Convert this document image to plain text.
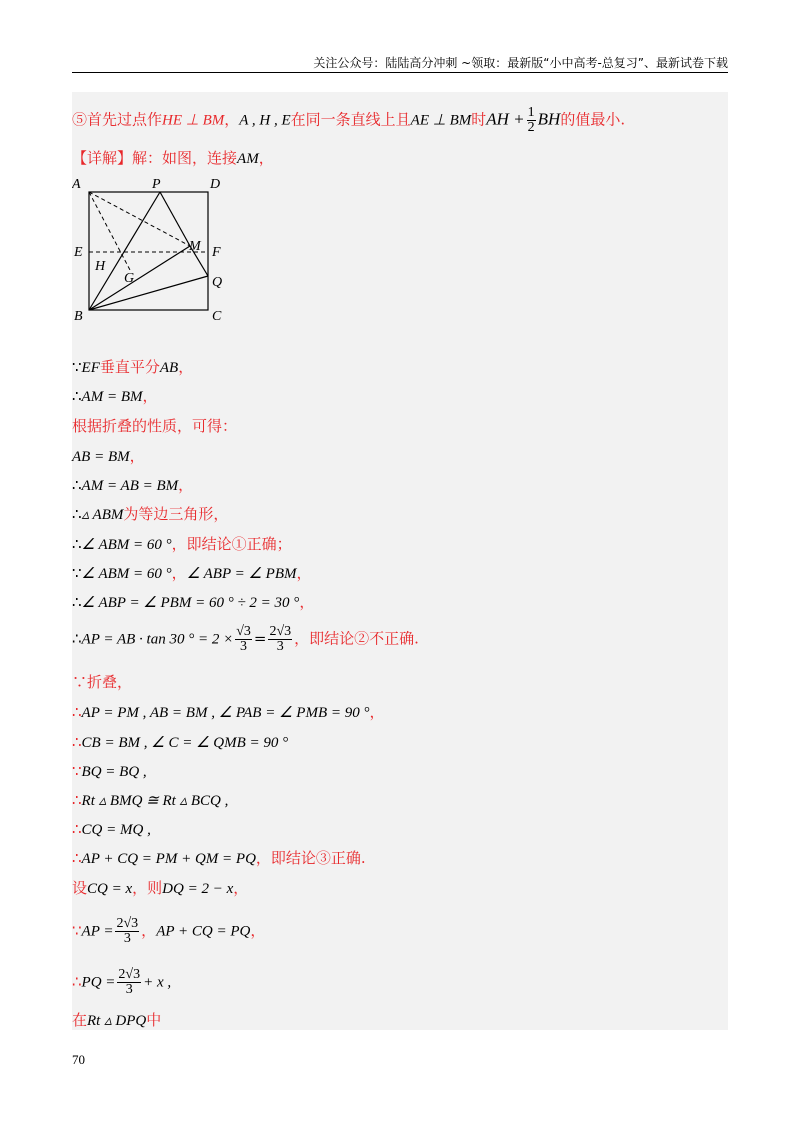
关注公众号：陆陆高分冲刺 ~领取：最新版“小中高考-总复习”、最新试卷下载
⑤首先过点作HE ⊥ BM，A , H , E在同一条直线上且AE ⊥ BM时AH + $\frac{1}{2}$ BH的值最小.
【详解】解：如图，连接AM，
A	P	D
E	M F
H
G	Q
B	C
∵EF垂直平分AB，
∴AM = BM，
根据折叠的性质，可得：
AB = BM，
∴AM = AB = BM，
∴▵ ABM为等边三角形，
∴∠ ABM = 60 °，即结论①正确；
∵∠ ABM = 60 °，∠ ABP = ∠ PBM，
∴∠ ABP = ∠ PBM = 60 ° ÷ 2 = 30 °，
∴AP = AB · tan 30 ° = $2 \times \frac{√3}{3} = \frac{2√3}{3}$ ，即结论②不正确.
∵折叠，
∴AP = PM , AB = BM , ∠ PAB = ∠ PMB = 90 °，
∴CB = BM , ∠ C = ∠ QMB = 90 °
∵BQ = BQ ,
∴Rt ▵ BMQ ≅ Rt ▵ BCQ ,
∴CQ = MQ ,
∴AP + CQ = PM + QM = PQ，即结论③正确.
设CQ = x，则DQ = 2 − x，
∵AP = $\frac{2√3}{3}$ ，AP + CQ = PQ，
∴PQ = $\frac{2√3}{3} + x$ ,
在Rt ▵ DPQ中
70
